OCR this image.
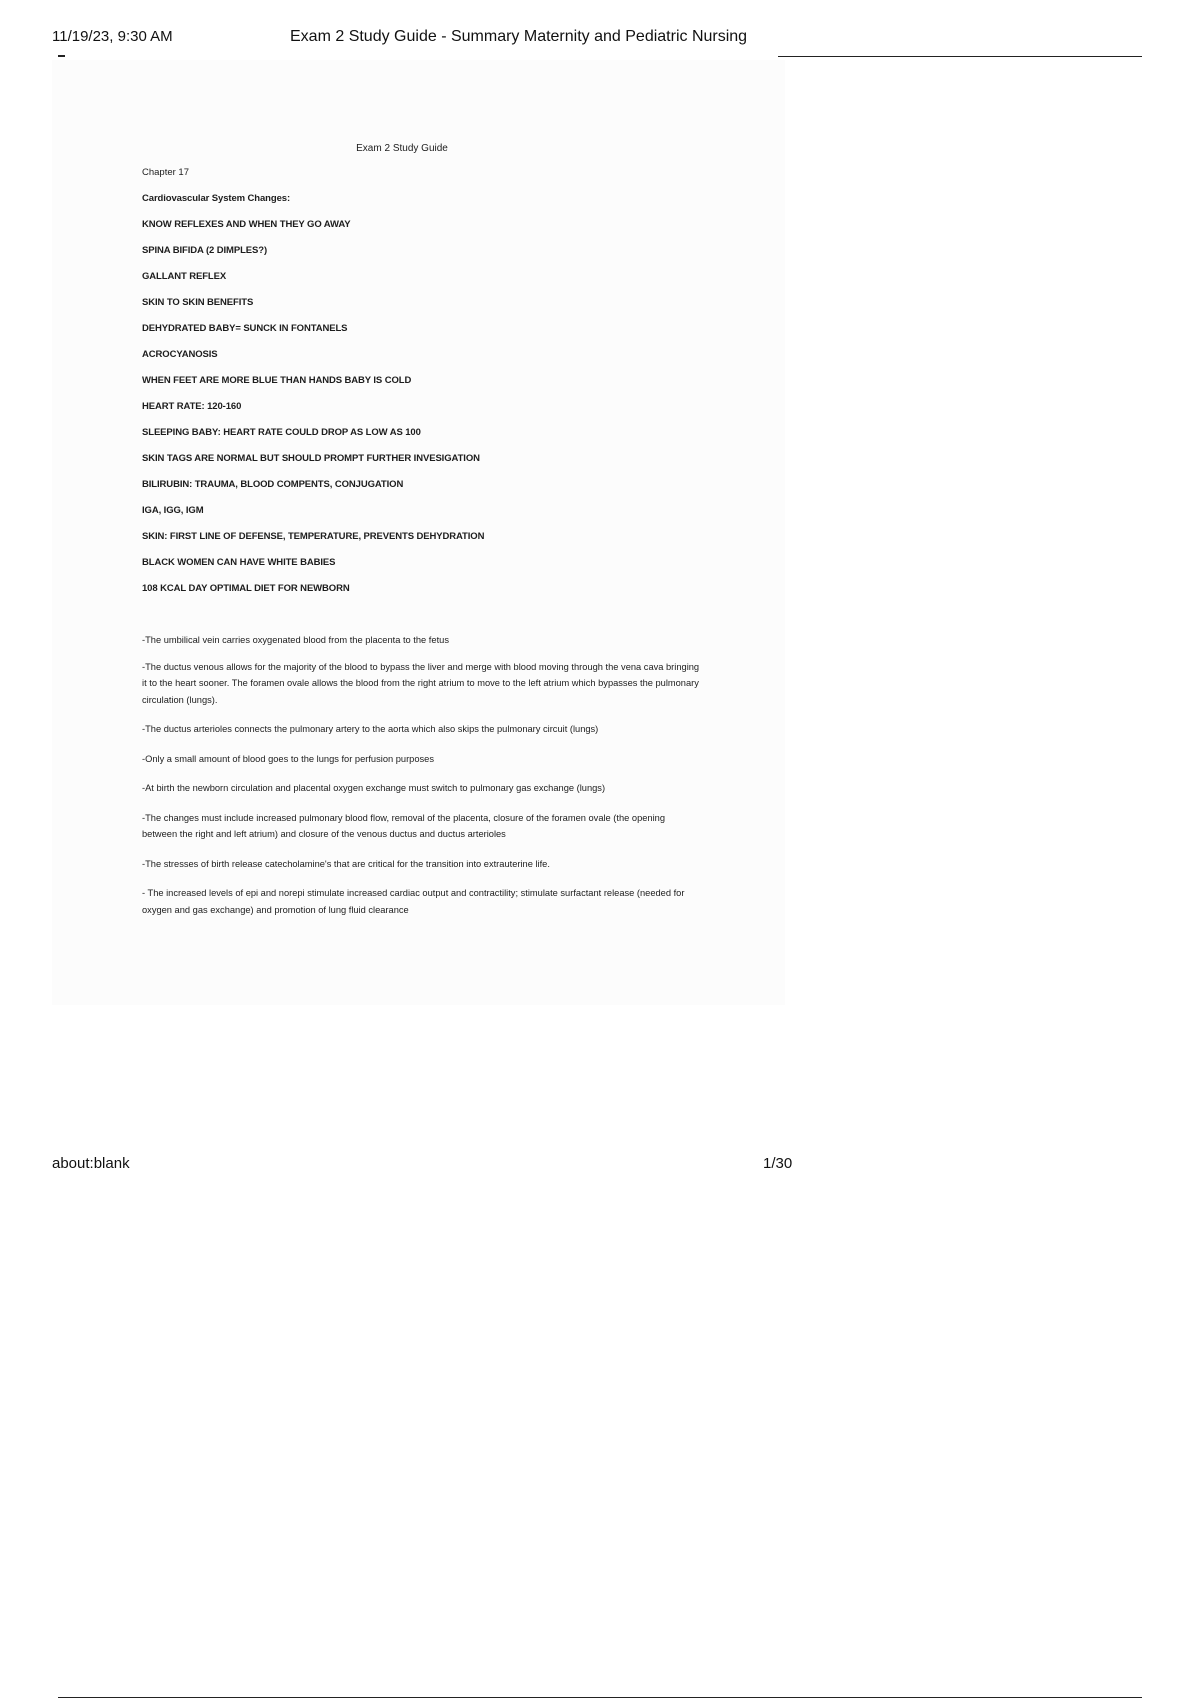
11/19/23, 9:30 AM	Exam 2 Study Guide - Summary Maternity and Pediatric Nursing

Exam 2 Study Guide

Chapter 17

Cardiovascular System Changes:
KNOW REFLEXES AND WHEN THEY GO AWAY
SPINA BIFIDA (2 DIMPLES?)
GALLANT REFLEX
SKIN TO SKIN BENEFITS
DEHYDRATED BABY= SUNCK IN FONTANELS
ACROCYANOSIS
WHEN FEET ARE MORE BLUE THAN HANDS BABY IS COLD
HEART RATE: 120-160
SLEEPING BABY: HEART RATE COULD DROP AS LOW AS 100
SKIN TAGS ARE NORMAL BUT SHOULD PROMPT FURTHER INVESIGATION
BILIRUBIN: TRAUMA, BLOOD COMPENTS, CONJUGATION
IGA, IGG, IGM
SKIN: FIRST LINE OF DEFENSE, TEMPERATURE, PREVENTS DEHYDRATION
BLACK WOMEN CAN HAVE WHITE BABIES
108 KCAL DAY OPTIMAL DIET FOR NEWBORN
-The umbilical vein carries oxygenated blood from the placenta to the fetus
-The ductus venous allows for the majority of the blood to bypass the liver and merge with blood moving through the vena cava bringing it to the heart sooner. The foramen ovale allows the blood from the right atrium to move to the left atrium which bypasses the pulmonary circulation (lungs).
-The ductus arterioles connects the pulmonary artery to the aorta which also skips the pulmonary circuit (lungs)
-Only a small amount of blood goes to the lungs for perfusion purposes
-At birth the newborn circulation and placental oxygen exchange must switch to pulmonary gas exchange (lungs)
-The changes must include increased pulmonary blood flow, removal of the placenta, closure of the foramen ovale (the opening between the right and left atrium) and closure of the venous ductus and ductus arterioles
-The stresses of birth release catecholamine's that are critical for the transition into extrauterine life.
- The increased levels of epi and norepi stimulate increased cardiac output and contractility; stimulate surfactant release (needed for oxygen and gas exchange) and promotion of lung fluid clearance
about:blank	1/30
